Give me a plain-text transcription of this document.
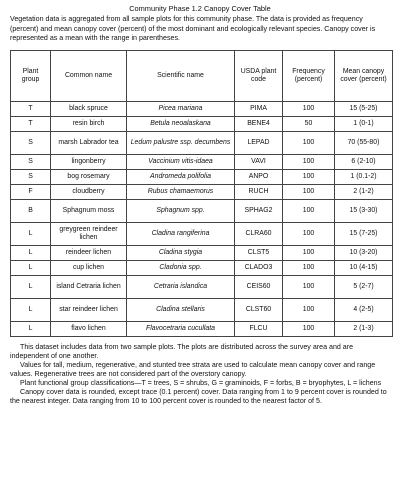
Community Phase 1.2 Canopy Cover Table
Vegetation data is aggregated from all sample plots for this community phase. The data is provided as frequency (percent) and mean canopy cover (percent) of the most dominant and ecologically relevant species. Canopy cover is represented as a mean with the range in parentheses.
Plant group	Common name	Scientific name	USDA plant code	Frequency (percent)	Mean canopy cover (percent)
T	black spruce	Picea mariana	PIMA	100	15 (5-25)
T	resin birch	Betula neoalaskana	BENE4	50	1 (0-1)
S	marsh Labrador tea	Ledum palustre ssp. decumbens	LEPAD	100	70 (55-80)
S	lingonberry	Vaccinium vitis-idaea	VAVI	100	6 (2-10)
S	bog rosemary	Andromeda polifolia	ANPO	100	1 (0.1-2)
F	cloudberry	Rubus chamaemorus	RUCH	100	2 (1-2)
B	Sphagnum moss	Sphagnum spp.	SPHAG2	100	15 (3-30)
L	greygreen reindeer lichen	Cladina rangiferina	CLRA60	100	15 (7-25)
L	reindeer lichen	Cladina stygia	CLST5	100	10 (3-20)
L	cup lichen	Cladonia spp.	CLADO3	100	10 (4-15)
L	island Cetraria lichen	Cetraria islandica	CEIS60	100	5 (2-7)
L	star reindeer lichen	Cladina stellaris	CLST60	100	4 (2-5)
L	flavo lichen	Flavocetraria cucullata	FLCU	100	2 (1-3)

This dataset includes data from two sample plots. The plots are distributed across the survey area and are independent of one another.

Values for tall, medium, regenerative, and stunted tree strata are used to calculate mean canopy cover and range values. Regenerative trees are not considered part of the overstory canopy.

Plant functional group classifications—T = trees, S = shrubs, G = graminoids, F = forbs, B = bryophytes, L = lichens

Canopy cover data is rounded, except trace (0.1 percent) cover. Data ranging from 1 to 9 percent cover is rounded to the nearest integer. Data ranging from 10 to 100 percent cover is rounded to the nearest factor of 5.
